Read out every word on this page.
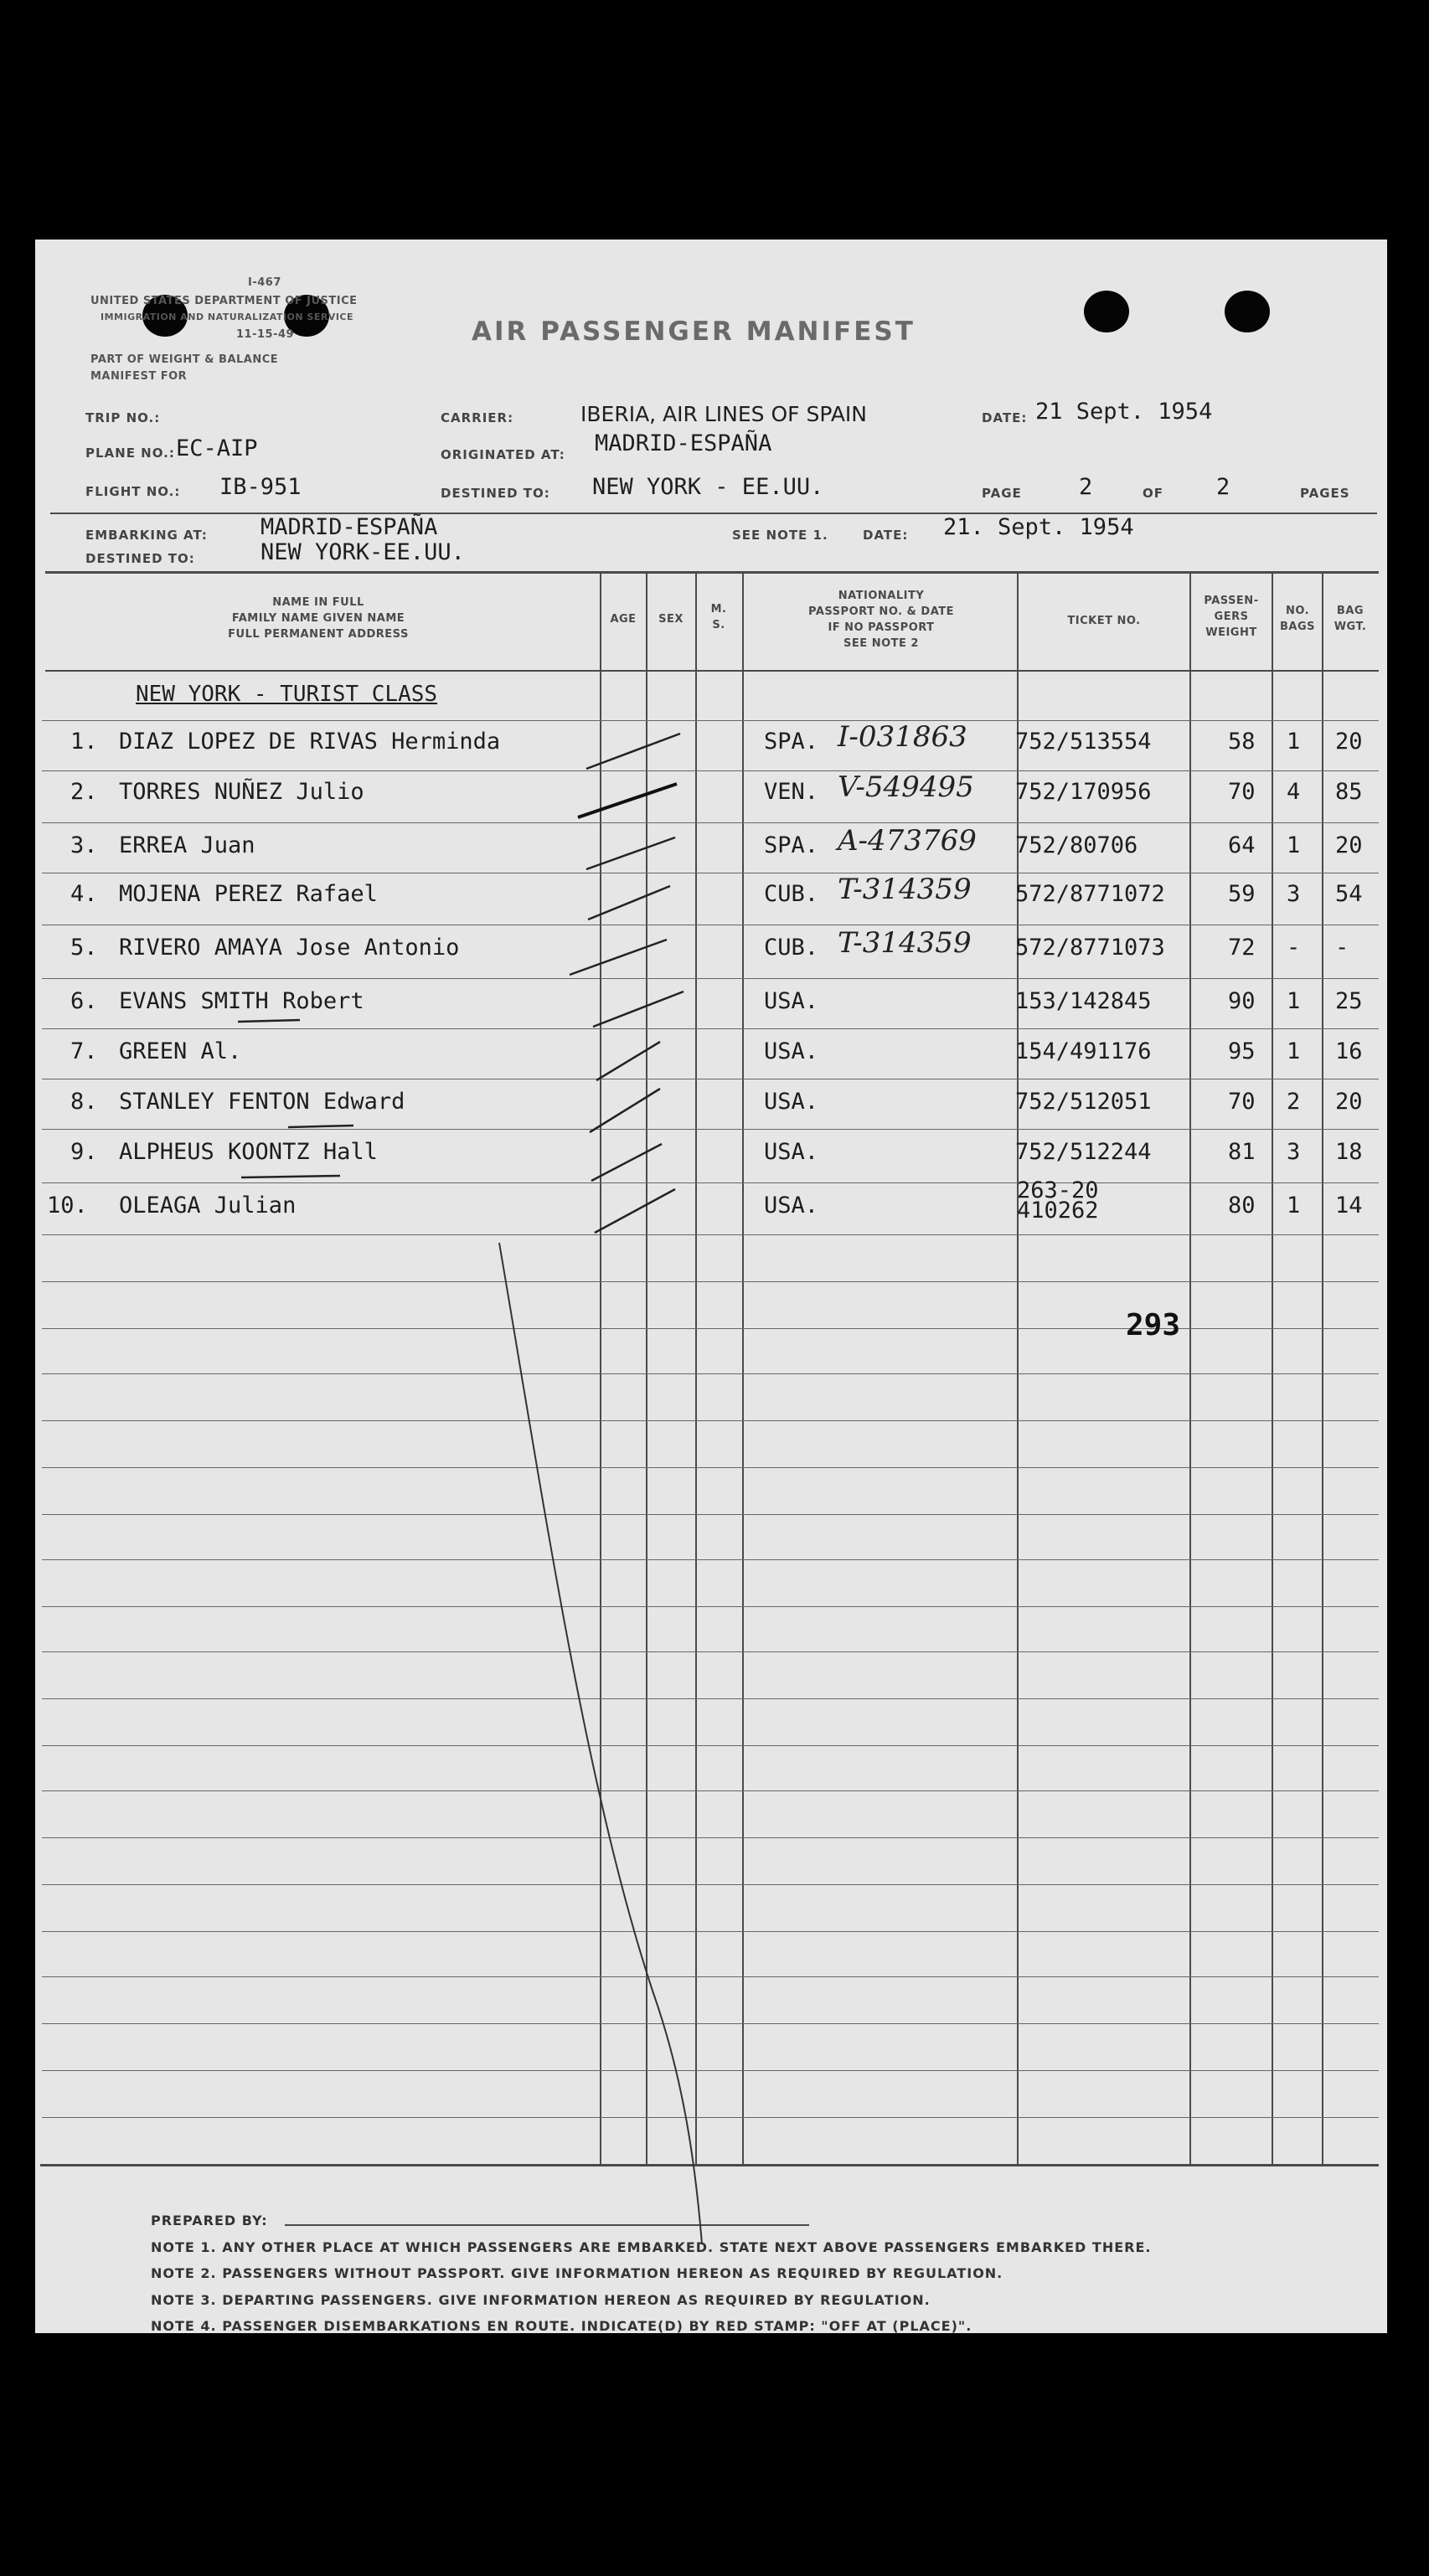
I-467
UNITED STATES DEPARTMENT OF JUSTICE
IMMIGRATION AND NATURALIZATION SERVICE
11-15-49
PART OF WEIGHT & BALANCE
MANIFEST FOR
AIR PASSENGER MANIFEST
TRIP NO.:
PLANE NO.: EC-AIP
FLIGHT NO.: IB-951
CARRIER:	IBERIA, AIR LINES OF SPAIN
ORIGINATED AT: MADRID-ESPAÑA
DESTINED TO: NEW YORK - EE.UU.
DATE: 21 Sept. 1954
PAGE	2	OF 2	PAGES
EMBARKING AT: MADRID-ESPAÑA
DESTINED TO:	NEW YORK-EE.UU.
SEE NOTE 1.	DATE: 21. Sept. 1954
NAME IN FULL
FAMILY NAME GIVEN NAME
FULL PERMANENT ADDRESS
AGE	SEX
M.
S.
NATIONALITY
PASSPORT NO. & DATE
IF NO PASSPORT
SEE NOTE 2
TICKET NO.
PASSEN-
GERS
WEIGHT
NO.
BAGS
BAG
WGT.
NEW YORK - TURIST CLASS
1. DIAZ LOPEZ DE RIVAS Herminda	SPA. I-031863 752/513554	58 1 20
2. TORRES NUÑEZ Julio	VEN. V-549495 752/170956	70 4 85
3. ERREA Juan	SPA. A-473769 752/80706	64 1 20
4. MOJENA PEREZ Rafael	CUB. T-314359 572/8771072	59 3 54
5. RIVERO AMAYA Jose Antonio	CUB. T-314359 572/8771073	72 - -
6. EVANS SMITH Robert	USA.	153/142845	90 1 25
7. GREEN Al.	USA.	154/491176	95 1 16
8. STANLEY FENTON Edward	USA.	752/512051	70 2 20
9. ALPHEUS KOONTZ Hall	USA.	752/512244	81 3 18
10. OLEAGA Julian	USA.
263-20
410262	80 1 14
293
PREPARED BY:
NOTE 1. ANY OTHER PLACE AT WHICH PASSENGERS ARE EMBARKED. STATE NEXT ABOVE PASSENGERS EMBARKED THERE.
NOTE 2. PASSENGERS WITHOUT PASSPORT. GIVE INFORMATION HEREON AS REQUIRED BY REGULATION.
NOTE 3. DEPARTING PASSENGERS. GIVE INFORMATION HEREON AS REQUIRED BY REGULATION.
NOTE 4. PASSENGER DISEMBARKATIONS EN ROUTE. INDICATE(D) BY RED STAMP: "OFF AT (PLACE)".
